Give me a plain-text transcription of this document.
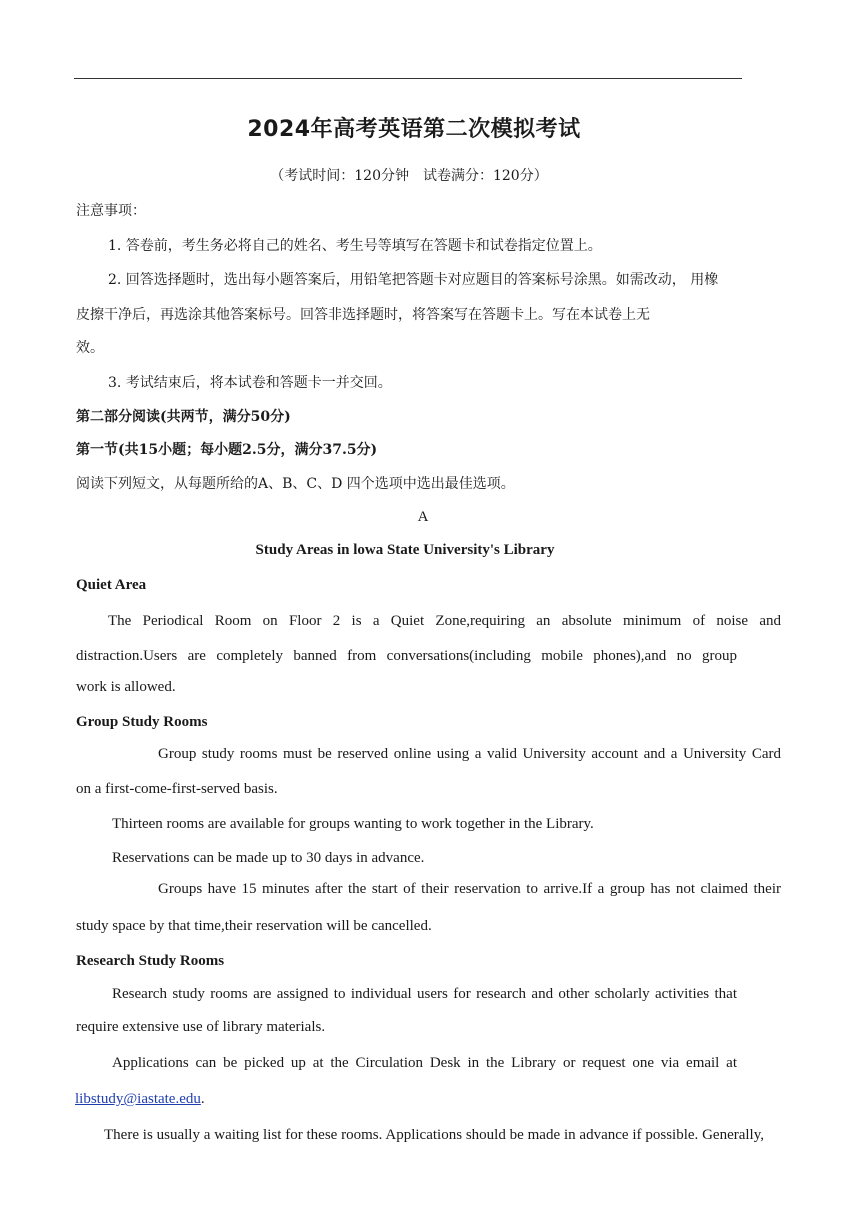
2024年高考英语第二次模拟考试
（考试时间：120分钟　试卷满分：120分）
注意事项：
1. 答卷前，考生务必将自己的姓名、考生号等填写在答题卡和试卷指定位置上。
2. 回答选择题时，选出每小题答案后，用铅笔把答题卡对应题目的答案标号涂黑。如需改动， 用橡
皮擦干净后，再选涂其他答案标号。回答非选择题时，将答案写在答题卡上。写在本试卷上无
效。
3. 考试结束后，将本试卷和答题卡一并交回。
第二部分阅读(共两节，满分50分)
第一节(共15小题；每小题2.5分，满分37.5分)
阅读下列短文，从每题所给的A、B、C、D 四个选项中选出最佳选项。
A
Study Areas in lowa State University's Library
Quiet Area
The Periodical Room on Floor 2 is a Quiet Zone,requiring an absolute minimum of noise and
distraction.Users are completely banned from conversations(including mobile phones),and no group
work is allowed.
Group Study Rooms
Group study rooms must be reserved online using a valid University account and a University Card
on a first-come-first-served basis.
Thirteen rooms are available for groups wanting to work together in the Library.
Reservations can be made up to 30 days in advance.
Groups have 15 minutes after the start of their reservation to arrive.If a group has not claimed their
study space by that time,their reservation will be cancelled.
Research Study Rooms
Research study rooms are assigned to individual users for research and other scholarly activities that
require extensive use of library materials.
Applications can be picked up at the Circulation Desk in the Library or request one via email at
libstudy@iastate.edu.
There is usually a waiting list for these rooms. Applications should be made in advance if possible. Generally,
